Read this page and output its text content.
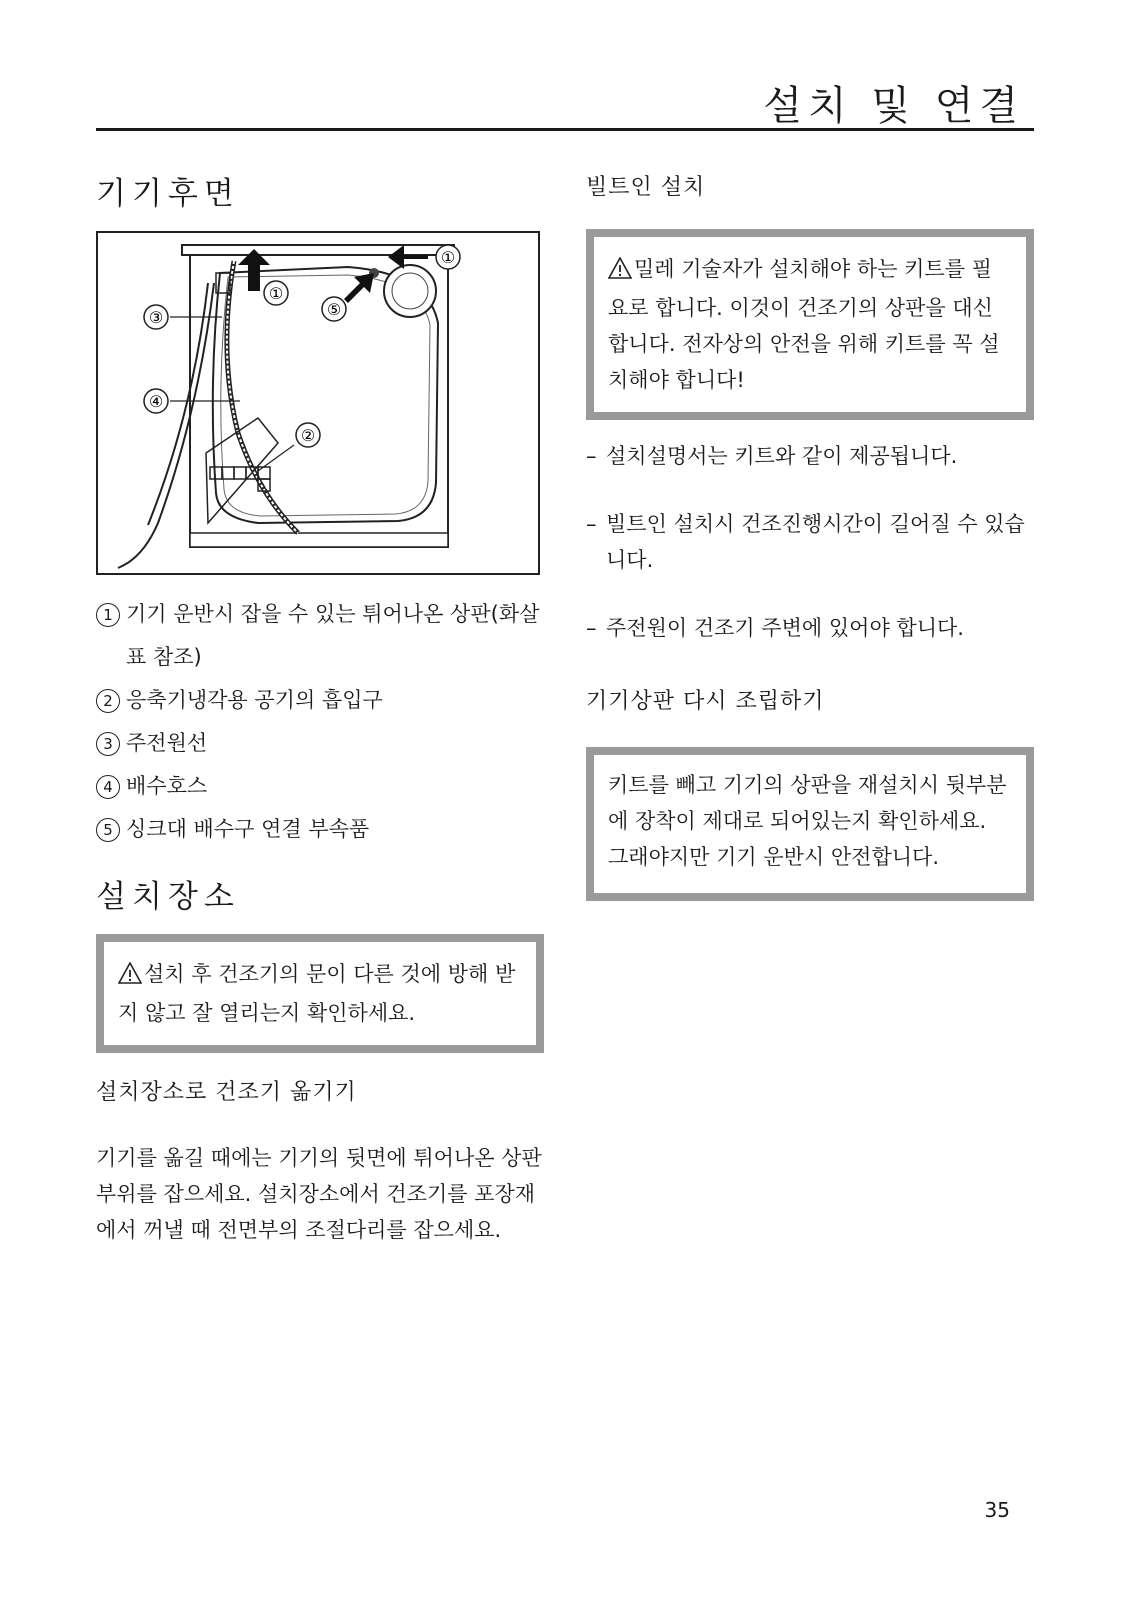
설치 및 연결
기기후면
①
①
②
③
④
⑤
1 기기 운반시 잡을 수 있는 튀어나온 상판(화살표 참조)
2 응축기냉각용 공기의 흡입구
3 주전원선
4 배수호스
5 싱크대 배수구 연결 부속품
설치장소
설치 후 건조기의 문이 다른 것에 방해 받지 않고 잘 열리는지 확인하세요.
설치장소로 건조기 옮기기

기기를 옮길 때에는 기기의 뒷면에 튀어나온 상판부위를 잡으세요. 설치장소에서 건조기를 포장재에서 꺼낼 때 전면부의 조절다리를 잡으세요.

빌트인 설치
밀레 기술자가 설치해야 하는 키트를 필요로 합니다. 이것이 건조기의 상판을 대신합니다. 전자상의 안전을 위해 키트를 꼭 설치해야 합니다!

– 설치설명서는 키트와 같이 제공됩니다.

– 빌트인 설치시 건조진행시간이 길어질 수 있습니다.

– 주전원이 건조기 주변에 있어야 합니다.

기기상판 다시 조립하기
키트를 빼고 기기의 상판을 재설치시 뒷부분에 장착이 제대로 되어있는지 확인하세요. 그래야지만 기기 운반시 안전합니다.
35
